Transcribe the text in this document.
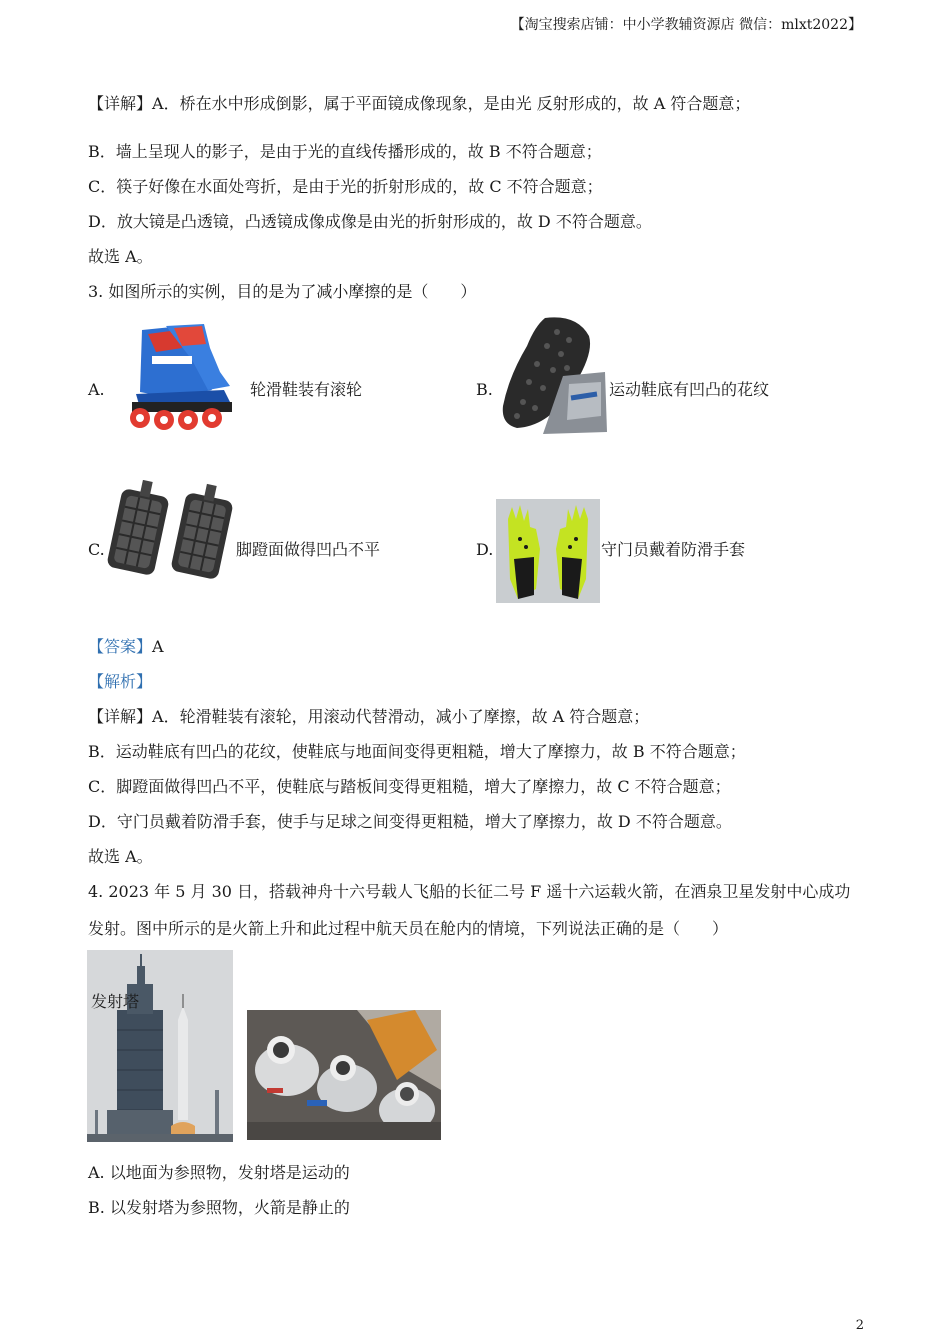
【淘宝搜索店铺：中小学教辅资源店 微信：mlxt2022】
【详解】A．桥在水中形成倒影，属于平面镜成像现象，是由光 反射形成的，故 A 符合题意；
B．墙上呈现人的影子，是由于光的直线传播形成的，故 B 不符合题意；
C．筷子好像在水面处弯折，是由于光的折射形成的，故 C 不符合题意；
D．放大镜是凸透镜，凸透镜成像成像是由光的折射形成的，故 D 不符合题意。
故选 A。
3. 如图所示的实例，目的是为了减小摩擦的是（　　）
A.	轮滑鞋装有滚轮	B.	运动鞋底有凹凸的花纹
C.	脚蹬面做得凹凸不平	D.	守门员戴着防滑手套
【答案】A
【解析】
【详解】A．轮滑鞋装有滚轮，用滚动代替滑动，减小了摩擦，故 A 符合题意；
B．运动鞋底有凹凸的花纹，使鞋底与地面间变得更粗糙，增大了摩擦力，故 B 不符合题意；
C．脚蹬面做得凹凸不平，使鞋底与踏板间变得更粗糙，增大了摩擦力，故 C 不符合题意；
D．守门员戴着防滑手套，使手与足球之间变得更粗糙，增大了摩擦力，故 D 不符合题意。
故选 A。
4. 2023 年 5 月 30 日，搭载神舟十六号载人飞船的长征二号 F 遥十六运载火箭，在酒泉卫星发射中心成功
发射。图中所示的是火箭上升和此过程中航天员在舱内的情境，下列说法正确的是（　　）
发射塔
A. 以地面为参照物，发射塔是运动的
B. 以发射塔为参照物，火箭是静止的
2
